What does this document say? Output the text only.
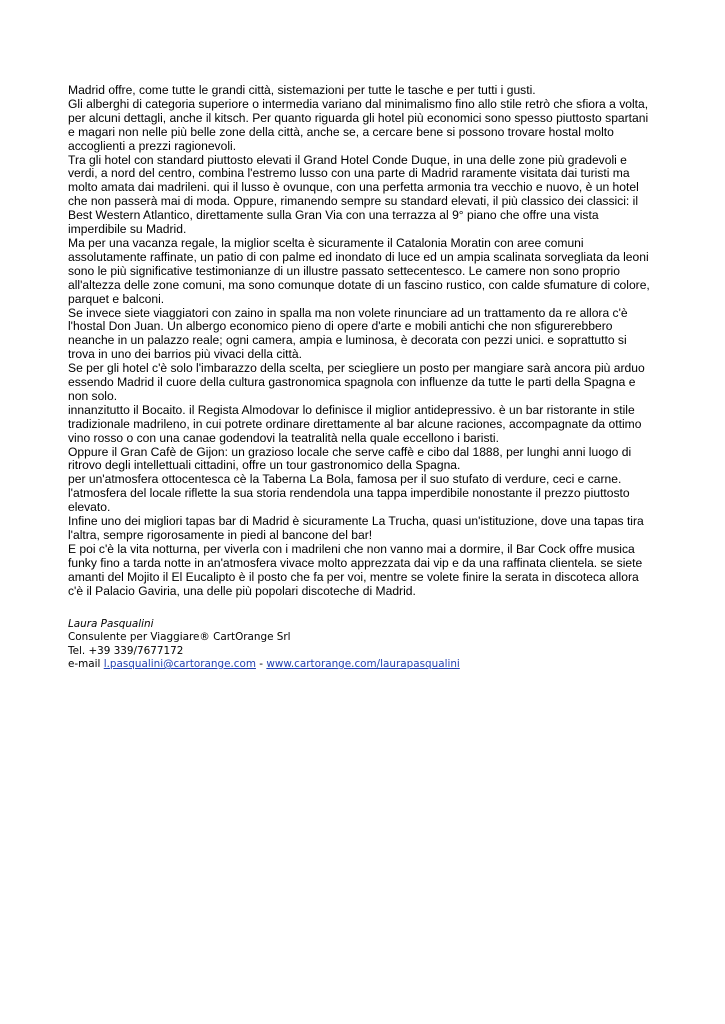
Madrid offre, come tutte le grandi città, sistemazioni per tutte le tasche e per tutti i gusti.

Gli alberghi di categoria superiore o intermedia variano dal minimalismo fino allo stile retrò che sfiora a volta, per alcuni dettagli, anche il kitsch. Per quanto riguarda gli hotel più economici sono spesso piuttosto spartani e magari non nelle più belle zone della città, anche se, a cercare bene si possono trovare hostal molto accoglienti a prezzi ragionevoli.

Tra gli hotel con standard piuttosto elevati il Grand Hotel Conde Duque, in una delle zone più gradevoli e verdi, a nord del centro, combina l'estremo lusso con una parte di Madrid raramente visitata dai turisti ma molto amata dai madrileni. qui il lusso è ovunque, con una perfetta armonia tra vecchio e nuovo, è un hotel che non passerà mai di moda. Oppure, rimanendo sempre su standard elevati, il più classico dei classici: il Best Western Atlantico, direttamente sulla Gran Via con una terrazza al 9° piano che offre una vista imperdibile su Madrid.

Ma per una vacanza regale, la miglior scelta è sicuramente il Catalonia Moratin con aree comuni assolutamente raffinate, un patio di con palme ed inondato di luce ed un ampia scalinata sorvegliata da leoni sono le più significative testimonianze di un illustre passato settecentesco. Le camere non sono proprio all'altezza delle zone comuni, ma sono comunque dotate di un fascino rustico, con calde sfumature di colore, parquet e balconi.

Se invece siete viaggiatori con zaino in spalla ma non volete rinunciare ad un trattamento da re allora c'è l'hostal Don Juan. Un albergo economico pieno di opere d'arte e mobili antichi che non sfigurerebbero neanche in un palazzo reale; ogni camera, ampia e luminosa, è decorata con pezzi unici. e soprattutto si trova in uno dei barrios più vivaci della città.

Se per gli hotel c'è solo l'imbarazzo della scelta, per sciegliere un posto per mangiare sarà ancora più arduo essendo Madrid il cuore della cultura gastronomica spagnola con influenze da tutte le parti della Spagna e non solo.

innanzitutto il Bocaito. il Regista Almodovar lo definisce il miglior antidepressivo. è un bar ristorante in stile tradizionale madrileno, in cui potrete ordinare direttamente al bar alcune raciones, accompagnate da ottimo vino rosso o con una canae godendovi la teatralità nella quale eccellono i baristi.

Oppure il Gran Cafè de Gijon: un grazioso locale che serve caffè e cibo dal 1888, per lunghi anni luogo di ritrovo degli intellettuali cittadini, offre un tour gastronomico della Spagna.

per un'atmosfera ottocentesca cè la Taberna La Bola, famosa per il suo stufato di verdure, ceci e carne. l'atmosfera del locale riflette la sua storia rendendola una tappa imperdibile nonostante il prezzo piuttosto elevato.

Infine uno dei migliori tapas bar di Madrid è sicuramente La Trucha, quasi un'istituzione, dove una tapas tira l'altra, sempre rigorosamente in piedi al bancone del bar!

E poi c'è la vita notturna, per viverla con i madrileni che non vanno mai a dormire, il Bar Cock offre musica funky fino a tarda notte in an'atmosfera vivace molto apprezzata dai vip e da una raffinata clientela. se siete amanti del Mojito il El Eucalipto è il posto che fa per voi, mentre se volete finire la serata in discoteca allora c'è il Palacio Gaviria, una delle più popolari discoteche di Madrid.

Laura Pasqualini
Consulente per Viaggiare® CartOrange Srl
Tel. +39 339/7677172
e-mail l.pasqualini@cartorange.com - www.cartorange.com/laurapasqualini
